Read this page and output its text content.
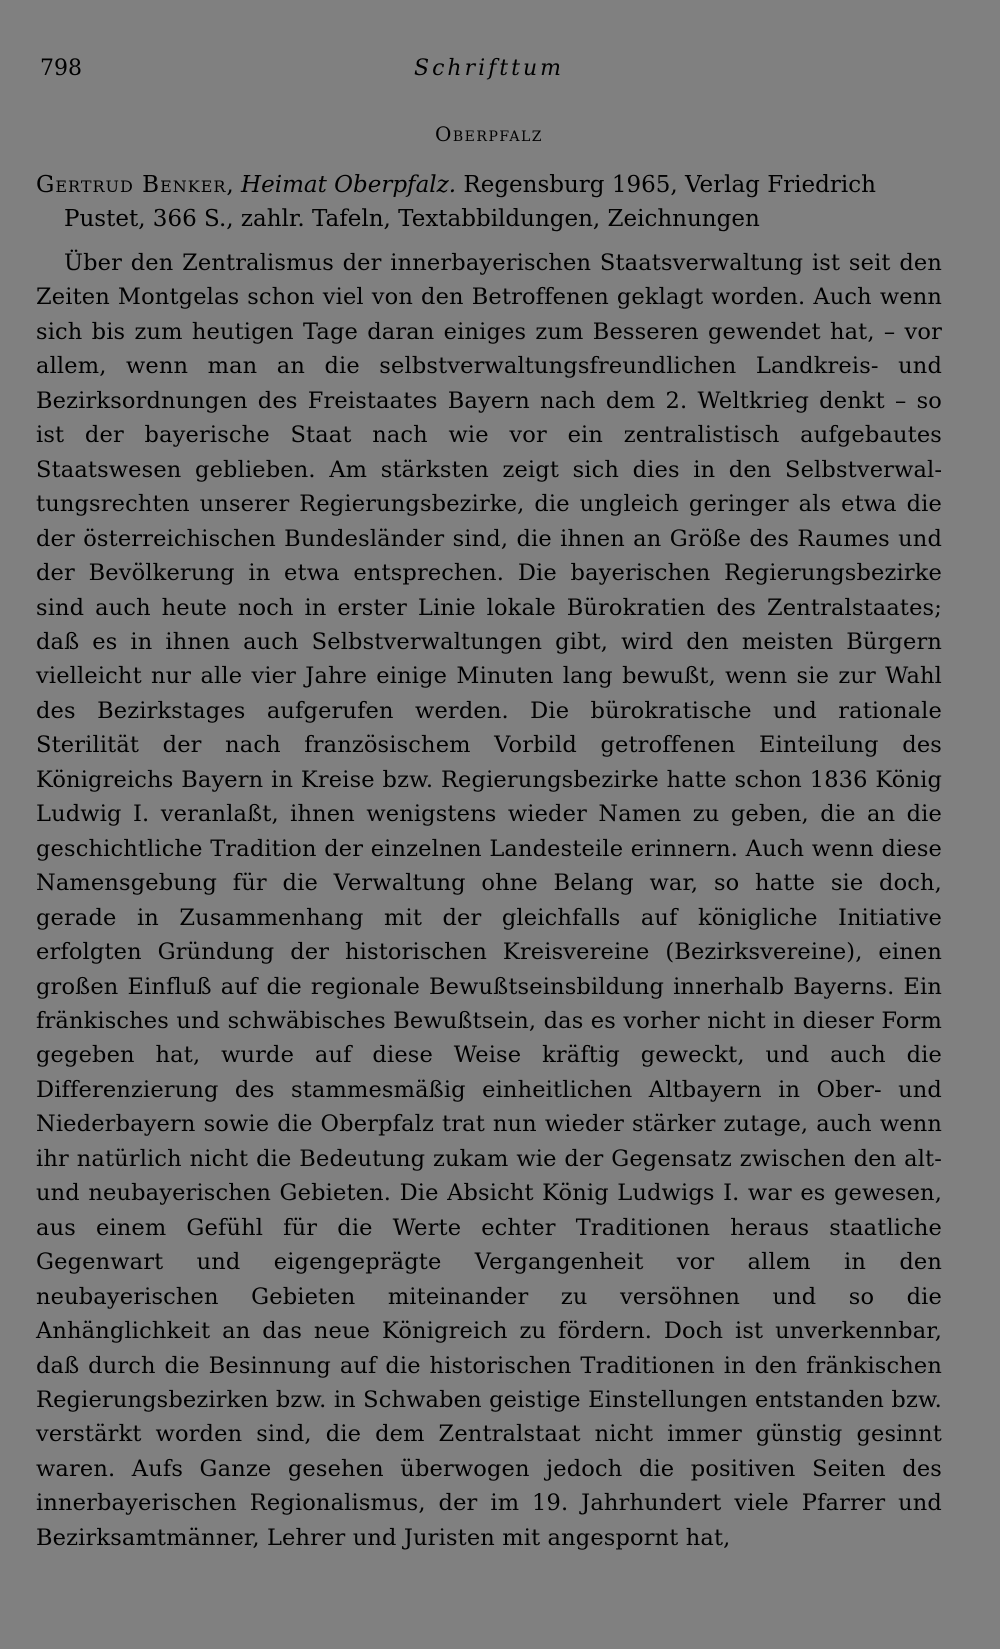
798	Schrifttum
Oberpfalz

Gertrud Benker, Heimat Oberpfalz. Regensburg 1965, Verlag Friedrich Pustet, 366 S., zahlr. Tafeln, Textabbildungen, Zeichnungen

Über den Zentralismus der innerbayerischen Staatsverwaltung ist seit den Zeiten Montgelas schon viel von den Betroffenen geklagt worden. Auch wenn sich bis zum heutigen Tage daran einiges zum Besseren gewendet hat, – vor allem, wenn man an die selbstverwaltungsfreundlichen Landkreis- und Bezirksordnungen des Freistaates Bayern nach dem 2. Weltkrieg denkt – so ist der bayerische Staat nach wie vor ein zentralistisch aufgebautes Staatswesen geblieben. Am stärksten zeigt sich dies in den Selbstverwaltungsrechten unserer Regierungsbezirke, die ungleich geringer als etwa die der österreichischen Bundesländer sind, die ihnen an Größe des Raumes und der Bevölkerung in etwa entsprechen. Die bayerischen Regierungsbezirke sind auch heute noch in erster Linie lokale Bürokratien des Zentralstaates; daß es in ihnen auch Selbstverwaltungen gibt, wird den meisten Bürgern vielleicht nur alle vier Jahre einige Minuten lang bewußt, wenn sie zur Wahl des Bezirkstages aufgerufen werden. Die bürokratische und rationale Sterilität der nach französischem Vorbild getroffenen Einteilung des Königreichs Bayern in Kreise bzw. Regierungsbezirke hatte schon 1836 König Ludwig I. veranlaßt, ihnen wenigstens wieder Namen zu geben, die an die geschichtliche Tradition der einzelnen Landesteile erinnern. Auch wenn diese Namensgebung für die Verwaltung ohne Belang war, so hatte sie doch, gerade in Zusammenhang mit der gleichfalls auf königliche Initiative erfolgten Gründung der historischen Kreisvereine (Bezirksvereine), einen großen Einfluß auf die regionale Bewußtseinsbildung innerhalb Bayerns. Ein fränkisches und schwäbisches Bewußtsein, das es vorher nicht in dieser Form gegeben hat, wurde auf diese Weise kräftig geweckt, und auch die Differenzierung des stammesmäßig einheitlichen Altbayern in Ober- und Niederbayern sowie die Oberpfalz trat nun wieder stärker zutage, auch wenn ihr natürlich nicht die Bedeutung zukam wie der Gegensatz zwischen den alt- und neubayerischen Gebieten. Die Absicht König Ludwigs I. war es gewesen, aus einem Gefühl für die Werte echter Traditionen heraus staatliche Gegenwart und eigengeprägte Vergangenheit vor allem in den neubayerischen Gebieten miteinander zu versöhnen und so die Anhänglichkeit an das neue Königreich zu fördern. Doch ist unverkennbar, daß durch die Besinnung auf die historischen Traditionen in den fränkischen Regierungsbezirken bzw. in Schwaben geistige Einstellungen entstanden bzw. verstärkt worden sind, die dem Zentralstaat nicht immer günstig gesinnt waren. Aufs Ganze gesehen überwogen jedoch die positiven Seiten des innerbayerischen Regionalismus, der im 19. Jahrhundert viele Pfarrer und Bezirksamtmänner, Lehrer und Juristen mit angespornt hat,
